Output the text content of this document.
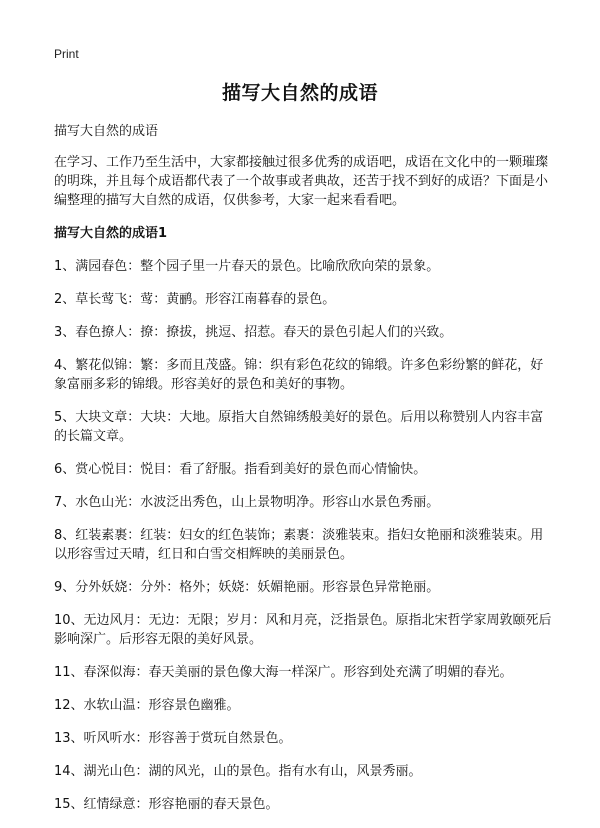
Print
描写大自然的成语

描写大自然的成语

在学习、工作乃至生活中，大家都接触过很多优秀的成语吧，成语在文化中的一颗璀璨的明珠，并且每个成语都代表了一个故事或者典故，还苦于找不到好的成语？下面是小编整理的描写大自然的成语，仅供参考，大家一起来看看吧。

描写大自然的成语1

1、满园春色：整个园子里一片春天的景色。比喻欣欣向荣的景象。
2、草长莺飞：莺：黄鹂。形容江南暮春的景色。
3、春色撩人：撩：撩拔，挑逗、招惹。春天的景色引起人们的兴致。
4、繁花似锦：繁：多而且茂盛。锦：织有彩色花纹的锦缎。许多色彩纷繁的鲜花，好象富丽多彩的锦缎。形容美好的景色和美好的事物。
5、大块文章：大块：大地。原指大自然锦绣般美好的景色。后用以称赞别人内容丰富的长篇文章。
6、赏心悦目：悦目：看了舒服。指看到美好的景色而心情愉快。
7、水色山光：水波泛出秀色，山上景物明净。形容山水景色秀丽。
8、红装素裹：红装：妇女的红色装饰；素裹：淡雅装束。指妇女艳丽和淡雅装束。用以形容雪过天晴，红日和白雪交相辉映的美丽景色。
9、分外妖娆：分外：格外；妖娆：妖媚艳丽。形容景色异常艳丽。
10、无边风月：无边：无限；岁月：风和月亮，泛指景色。原指北宋哲学家周敦颐死后影响深广。后形容无限的美好风景。
11、春深似海：春天美丽的景色像大海一样深广。形容到处充满了明媚的春光。
12、水软山温：形容景色幽雅。
13、听风听水：形容善于赏玩自然景色。
14、湖光山色：湖的风光，山的景色。指有水有山，风景秀丽。
15、红情绿意：形容艳丽的春天景色。
